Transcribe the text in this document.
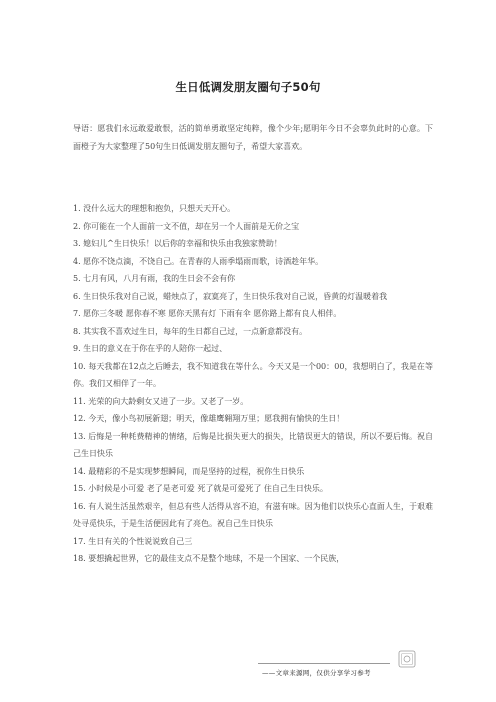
生日低调发朋友圈句子50句
导语：愿我们永远敢爱敢恨，活的简单勇敢坚定纯粹，像个少年;愿明年今日不会辜负此时的心意。下面橙子为大家整理了50句生日低调发朋友圈句子，希望大家喜欢。
1. 没什么远大的理想和抱负，只想天天开心。
2. 你可能在一个人面前一文不值，却在另一个人面前是无价之宝
3. 媳妇儿^生日快乐！以后你的幸福和快乐由我独家赞助！
4. 愿你不饶点滴，不饶自己。在青春的人雨季塌雨而歌，诗酒趁年华。
5. 七月有风，八月有雨，我的生日会不会有你
6. 生日快乐我对自己说，蜡烛点了，寂寞亮了，生日快乐我对自己说，昏黄的灯温暖着我
7. 愿你三冬暖 愿你春不寒 愿你天黑有灯 下雨有伞 愿你路上都有良人相伴。
8. 其实我不喜欢过生日，每年的生日都自己过，一点新意都没有。
9. 生日的意义在于你在乎的人陪你一起过、
10. 每天我都在12点之后睡去，我不知道我在等什么。今天又是一个00：00，我想明白了，我是在等你。我们又相伴了一年。
11. 光荣的向大龄剩女又进了一步。又老了一岁。
12. 今天，像小鸟初展新翅；明天，像雄鹰翱翔万里；愿我拥有愉快的生日！
13. 后悔是一种耗费精神的情绪，后悔是比损失更大的损失，比错误更大的错误，所以不要后悔。祝自己生日快乐
14. 最精彩的不是实现梦想瞬间，而是坚持的过程，祝你生日快乐
15. 小时候是小可爱 老了是老可爱 死了就是可爱死了 住自己生日快乐。
16. 有人说生活虽然艰辛，但总有些人活得从容不迫，有滋有味。因为他们以快乐心直面人生，于艰难处寻觅快乐，于是生活便因此有了亮色。祝自己生日快乐
17. 生日有关的个性说说致自己三
18. 要想撬起世界，它的最佳支点不是整个地球，不是一个国家、一个民族，
——文章来源网，仅供分享学习参考
